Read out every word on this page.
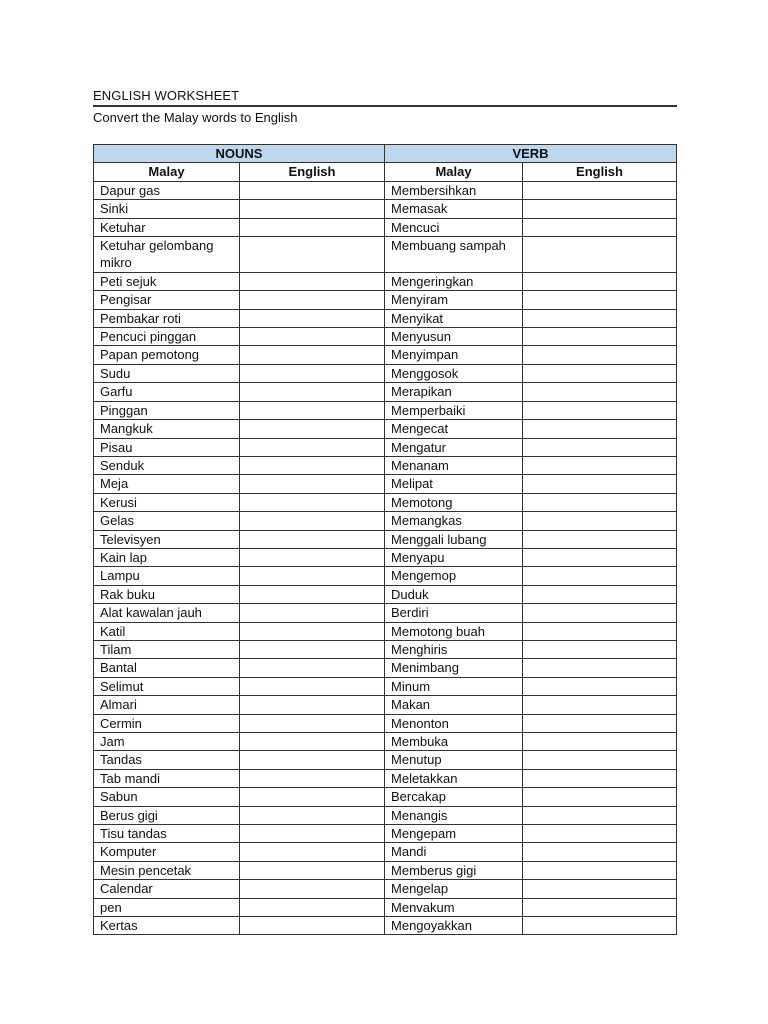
ENGLISH WORKSHEET
Convert the Malay words to English
NOUNS		VERB	
Malay	English	Malay	English
Dapur gas		Membersihkan	
Sinki		Memasak	
Ketuhar		Mencuci	
Ketuhar gelombang mikro		Membuang sampah	
Peti sejuk		Mengeringkan	
Pengisar		Menyiram	
Pembakar roti		Menyikat	
Pencuci pinggan		Menyusun	
Papan pemotong		Menyimpan	
Sudu		Menggosok	
Garfu		Merapikan	
Pinggan		Memperbaiki	
Mangkuk		Mengecat	
Pisau		Mengatur	
Senduk		Menanam	
Meja		Melipat	
Kerusi		Memotong	
Gelas		Memangkas	
Televisyen		Menggali lubang	
Kain lap		Menyapu	
Lampu		Mengemop	
Rak buku		Duduk	
Alat kawalan jauh		Berdiri	
Katil		Memotong buah	
Tilam		Menghiris	
Bantal		Menimbang	
Selimut		Minum	
Almari		Makan	
Cermin		Menonton	
Jam		Membuka	
Tandas		Menutup	
Tab mandi		Meletakkan	
Sabun		Bercakap	
Berus gigi		Menangis	
Tisu tandas		Mengepam	
Komputer		Mandi	
Mesin pencetak		Memberus gigi	
Calendar		Mengelap	
pen		Menvakum	
Kertas		Mengoyakkan	
